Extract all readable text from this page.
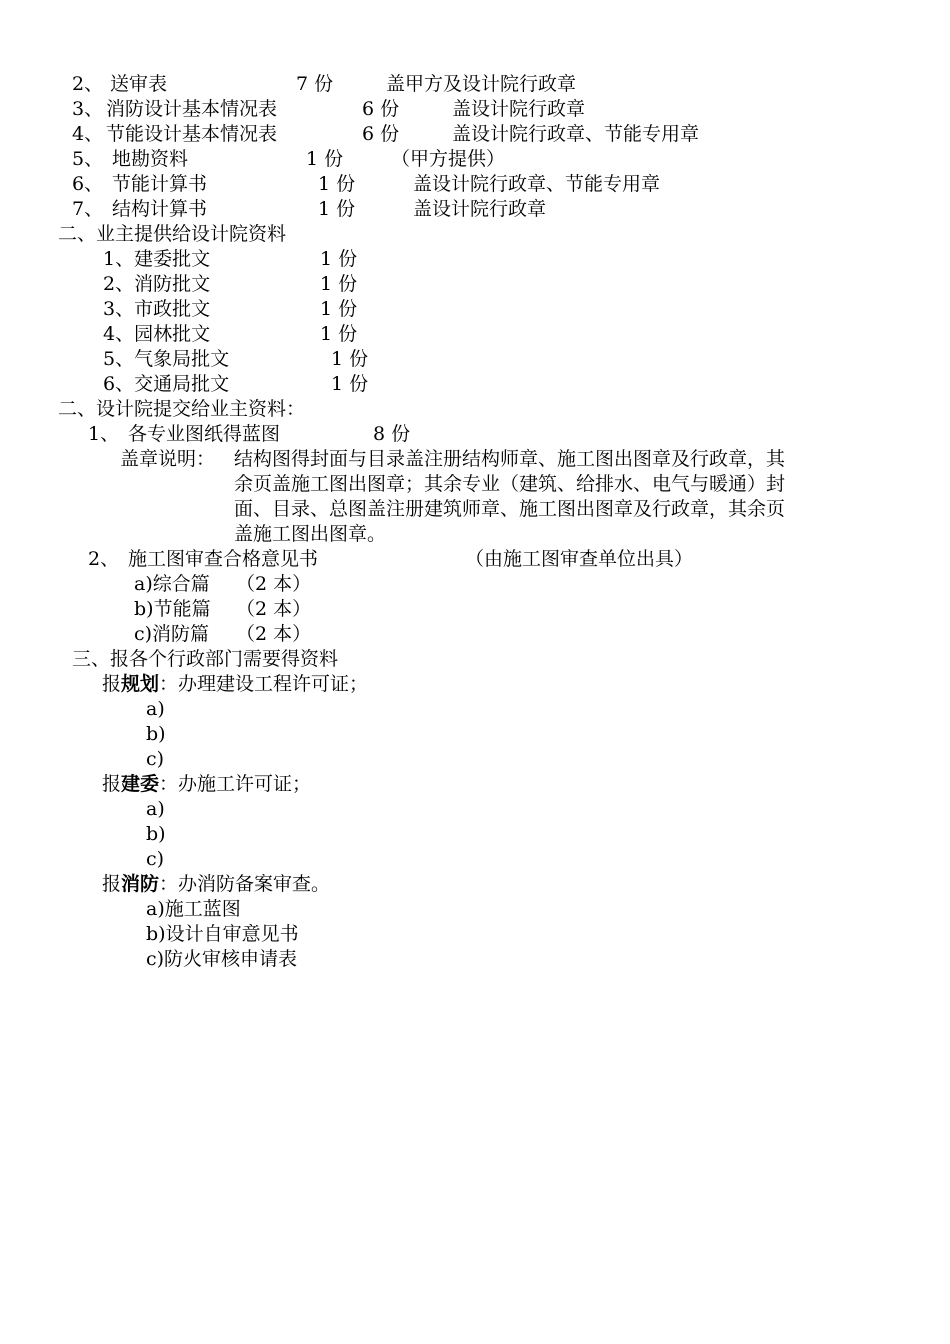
2、 送审表	7 份	盖甲方及设计院行政章
3、 消防设计基本情况表	6 份	盖设计院行政章
4、 节能设计基本情况表	6 份	盖设计院行政章、节能专用章
5、 地勘资料	1 份	（甲方提供）
6、 节能计算书	1 份	盖设计院行政章、节能专用章
7、 结构计算书	1 份	盖设计院行政章
二、业主提供给设计院资料
1、建委批文	1 份
2、消防批文	1 份
3、市政批文	1 份
4、园林批文	1 份
5、气象局批文	1 份
6、交通局批文	1 份
二、设计院提交给业主资料：
1、 各专业图纸得蓝图	8 份
盖章说明： 结构图得封面与目录盖注册结构师章、施工图出图章及行政章，其
余页盖施工图出图章；其余专业（建筑、给排水、电气与暖通）封
面、目录、总图盖注册建筑师章、施工图出图章及行政章，其余页
盖施工图出图章。
2、 施工图审查合格意见书	（由施工图审查单位出具）
a)综合篇 （2 本）
b)节能篇 （2 本）
c)消防篇 （2 本）
三、报各个行政部门需要得资料
报规划：办理建设工程许可证；
a)
b)
c)
报建委：办施工许可证；
a)
b)
c)
报消防：办消防备案审查。
a)施工蓝图
b)设计自审意见书
c)防火审核申请表
